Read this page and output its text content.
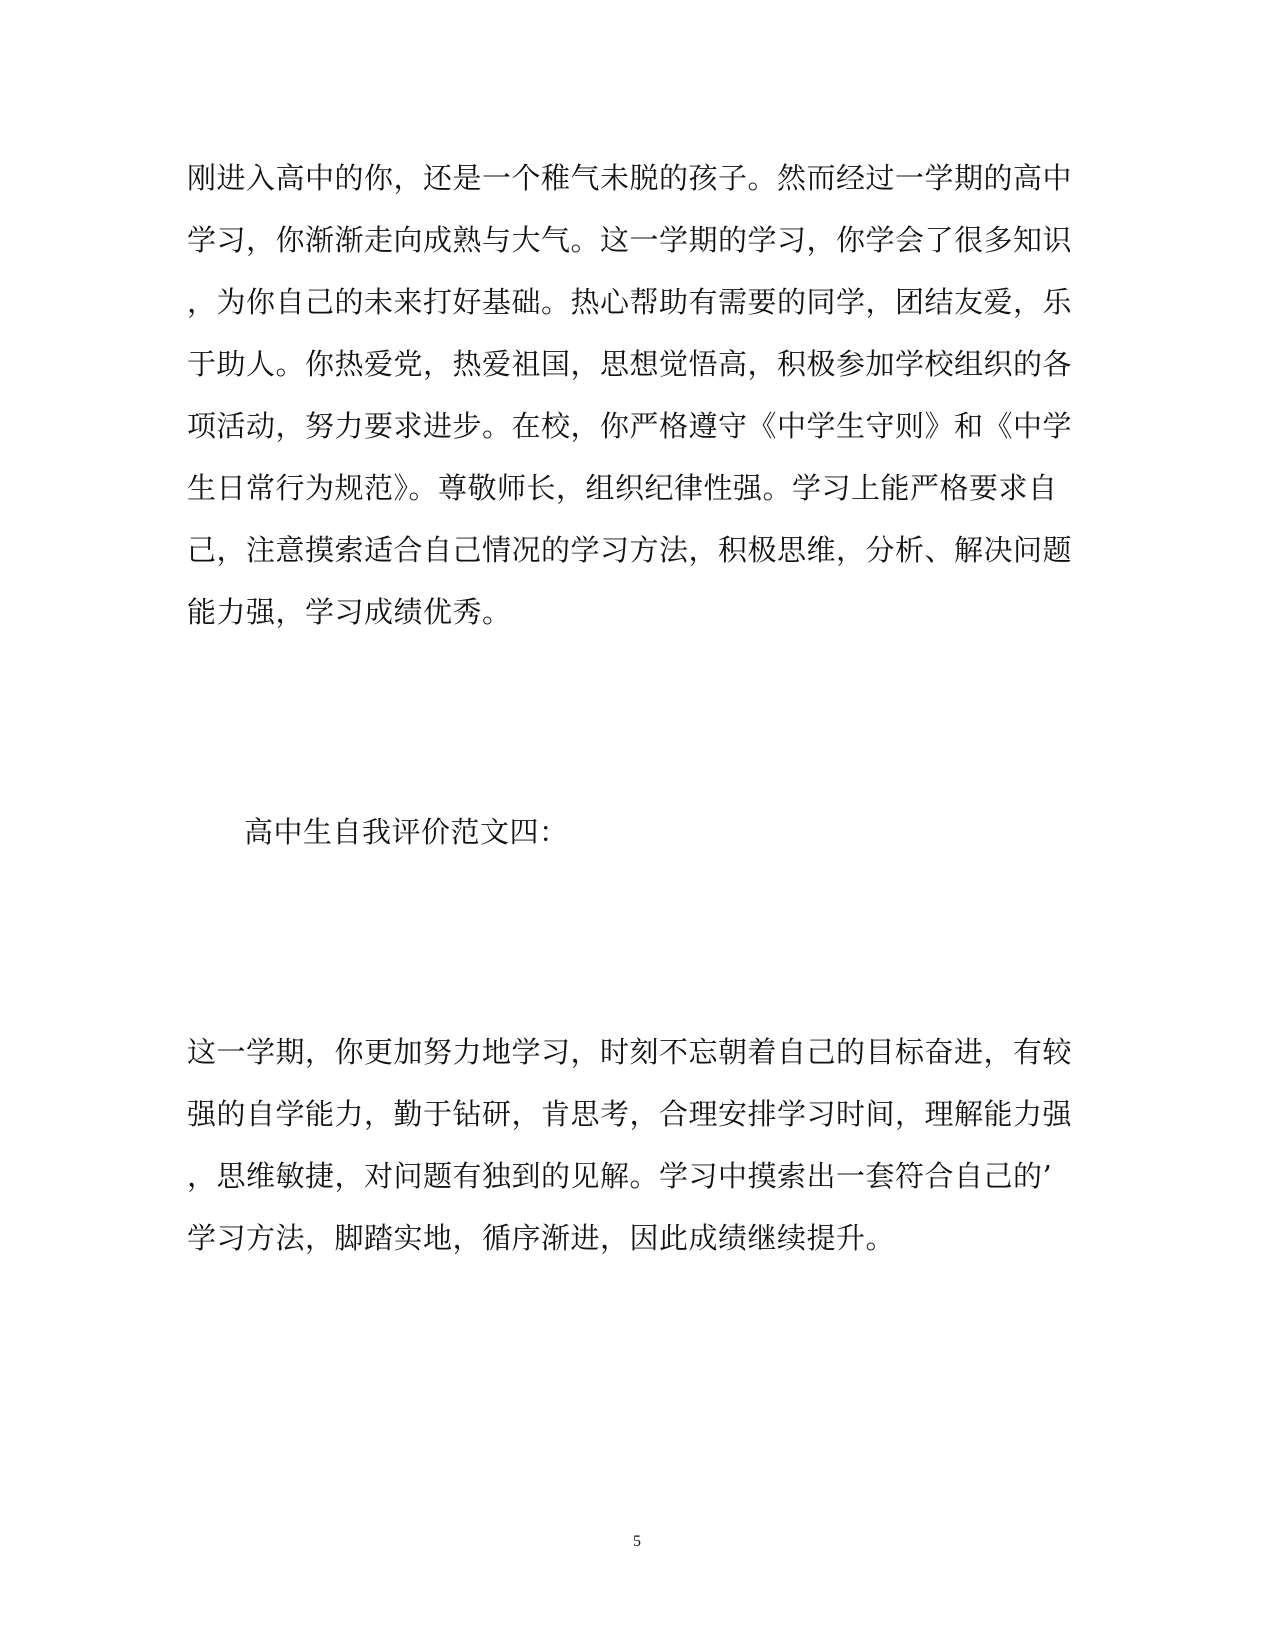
刚进入高中的你，还是一个稚气未脱的孩子。然而经过一学期的高中
学习，你渐渐走向成熟与大气。这一学期的学习，你学会了很多知识
，为你自己的未来打好基础。热心帮助有需要的同学，团结友爱，乐
于助人。你热爱党，热爱祖国，思想觉悟高，积极参加学校组织的各
项活动，努力要求进步。在校，你严格遵守《中学生守则》和《中学
生日常行为规范》。尊敬师长，组织纪律性强。学习上能严格要求自
己，注意摸索适合自己情况的学习方法，积极思维，分析、解决问题
能力强，学习成绩优秀。
高中生自我评价范文四：
这一学期，你更加努力地学习，时刻不忘朝着自己的目标奋进，有较
强的自学能力，勤于钻研，肯思考，合理安排学习时间，理解能力强
，思维敏捷，对问题有独到的见解。学习中摸索出一套符合自己的’
学习方法，脚踏实地，循序渐进，因此成绩继续提升。
5
